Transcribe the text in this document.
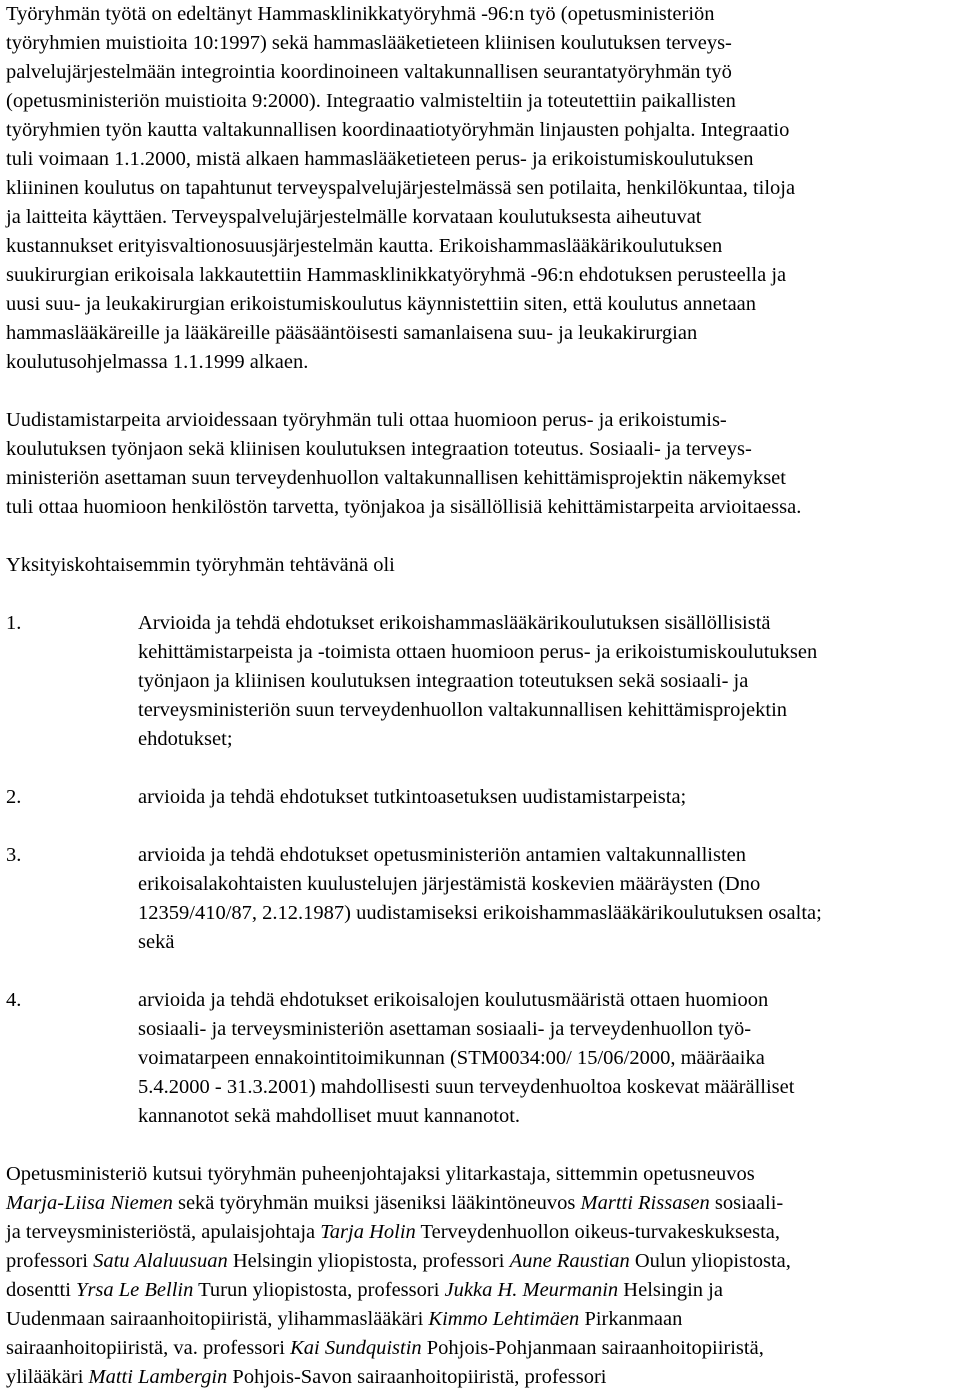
Työryhmän työtä on edeltänyt Hammasklinikkatyöryhmä -96:n työ (opetusministeriön

työryhmien muistioita 10:1997) sekä hammaslääketieteen kliinisen koulutuksen terveys-

palvelujärjestelmään integrointia koordinoineen valtakunnallisen seurantatyöryhmän työ

(opetusministeriön muistioita 9:2000). Integraatio valmisteltiin ja toteutettiin paikallisten

työryhmien työn kautta valtakunnallisen koordinaatiotyöryhmän linjausten pohjalta. Integraatio

tuli voimaan 1.1.2000, mistä alkaen hammaslääketieteen perus- ja erikoistumiskoulutuksen

kliininen koulutus on tapahtunut terveyspalvelujärjestelmässä sen potilaita, henkilökuntaa, tiloja

ja laitteita käyttäen. Terveyspalvelujärjestelmälle korvataan koulutuksesta aiheutuvat

kustannukset erityisvaltionosuusjärjestelmän kautta. Erikoishammaslääkärikoulutuksen

suukirurgian erikoisala lakkautettiin Hammasklinikkatyöryhmä -96:n ehdotuksen perusteella ja

uusi suu- ja leukakirurgian erikoistumiskoulutus käynnistettiin siten, että koulutus annetaan

hammaslääkäreille ja lääkäreille pääsääntöisesti samanlaisena suu- ja leukakirurgian

koulutusohjelmassa 1.1.1999 alkaen.

Uudistamistarpeita arvioidessaan työryhmän tuli ottaa huomioon perus- ja erikoistumis-

koulutuksen työnjaon sekä kliinisen koulutuksen integraation toteutus. Sosiaali- ja terveys-

ministeriön asettaman suun terveydenhuollon valtakunnallisen kehittämisprojektin näkemykset

tuli ottaa huomioon henkilöstön tarvetta, työnjakoa ja sisällöllisiä kehittämistarpeita arvioitaessa.

Yksityiskohtaisemmin työryhmän tehtävänä oli

1.	Arvioida ja tehdä ehdotukset erikoishammaslääkärikoulutuksen sisällöllisistä

kehittämistarpeista ja -toimista ottaen huomioon perus- ja erikoistumiskoulutuksen

työnjaon ja kliinisen koulutuksen integraation toteutuksen sekä sosiaali- ja

terveysministeriön suun terveydenhuollon valtakunnallisen kehittämisprojektin

ehdotukset;

2.	arvioida ja tehdä ehdotukset tutkintoasetuksen uudistamistarpeista;

3.	arvioida ja tehdä ehdotukset opetusministeriön antamien valtakunnallisten

erikoisalakohtaisten kuulustelujen järjestämistä koskevien määräysten (Dno

12359/410/87, 2.12.1987) uudistamiseksi erikoishammaslääkärikoulutuksen osalta;

sekä

4.	arvioida ja tehdä ehdotukset erikoisalojen koulutusmääristä ottaen huomioon

sosiaali- ja terveysministeriön asettaman sosiaali- ja terveydenhuollon työ-

voimatarpeen ennakointitoimikunnan (STM0034:00/ 15/06/2000, määräaika

5.4.2000 - 31.3.2001) mahdollisesti suun terveydenhuoltoa koskevat määrälliset

kannanotot sekä mahdolliset muut kannanotot.

Opetusministeriö kutsui työryhmän puheenjohtajaksi ylitarkastaja, sittemmin opetusneuvos

Marja-Liisa Niemen sekä työryhmän muiksi jäseniksi lääkintöneuvos Martti Rissasen sosiaali-

ja terveysministeriöstä, apulaisjohtaja Tarja Holin Terveydenhuollon oikeus-turvakeskuksesta,

professori Satu Alaluusuan Helsingin yliopistosta, professori Aune Raustian Oulun yliopistosta,

dosentti Yrsa Le Bellin Turun yliopistosta, professori Jukka H. Meurmanin Helsingin ja

Uudenmaan sairaanhoitopiiristä, ylihammaslääkäri Kimmo Lehtimäen Pirkanmaan

sairaanhoitopiiristä, va. professori Kai Sundquistin Pohjois-Pohjanmaan sairaanhoitopiiristä,

ylilääkäri Matti Lambergin Pohjois-Savon sairaanhoitopiiristä, professori
